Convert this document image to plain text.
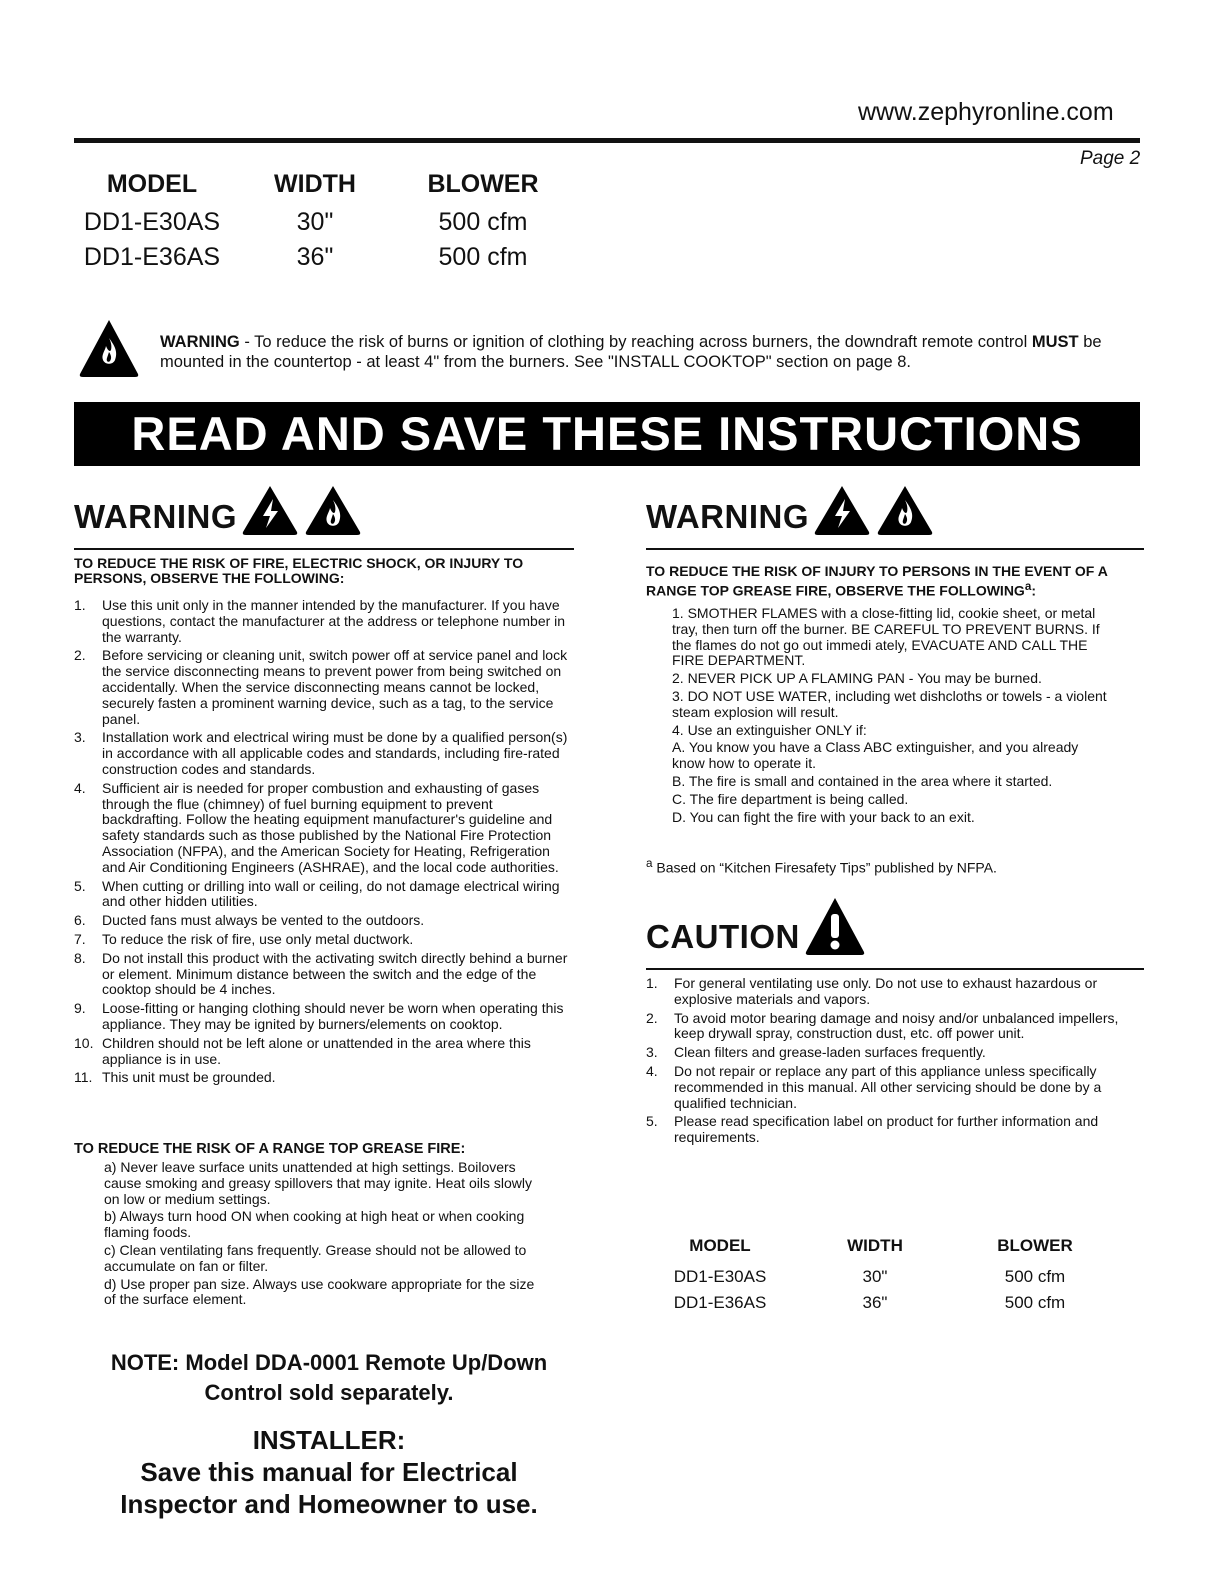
www.zephyronline.com
Page 2
MODEL	WIDTH	BLOWER
DD1-E30AS	30"	500 cfm
DD1-E36AS	36"	500 cfm
WARNING - To reduce the risk of burns or ignition of clothing by reaching across burners, the downdraft remote control MUST be mounted in the countertop - at least 4" from the burners. See "INSTALL COOKTOP" section on page 8.
READ AND SAVE THESE INSTRUCTIONS
WARNING
TO REDUCE THE RISK OF FIRE, ELECTRIC SHOCK, OR INJURY TO PERSONS, OBSERVE THE FOLLOWING:
1. Use this unit only in the manner intended by the manufacturer. If you have questions, contact the manufacturer at the address or telephone number in the warranty.
2. Before servicing or cleaning unit, switch power off at service panel and lock the service disconnecting means to prevent power from being switched on accidentally. When the service disconnecting means cannot be locked, securely fasten a prominent warning device, such as a tag, to the service panel.
3. Installation work and electrical wiring must be done by a qualified person(s) in accordance with all applicable codes and standards, including fire-rated construction codes and standards.
4. Sufficient air is needed for proper combustion and exhausting of gases through the flue (chimney) of fuel burning equipment to prevent backdrafting. Follow the heating equipment manufacturer's guideline and safety standards such as those published by the National Fire Protection Association (NFPA), and the American Society for Heating, Refrigeration and Air Conditioning Engineers (ASHRAE), and the local code authorities.
5. When cutting or drilling into wall or ceiling, do not damage electrical wiring and other hidden utilities.
6. Ducted fans must always be vented to the outdoors.
7. To reduce the risk of fire, use only metal ductwork.
8. Do not install this product with the activating switch directly behind a burner or element. Minimum distance between the switch and the edge of the cooktop should be 4 inches.
9. Loose-fitting or hanging clothing should never be worn when operating this appliance. They may be ignited by burners/elements on cooktop.
10. Children should not be left alone or unattended in the area where this appliance is in use.
11. This unit must be grounded.
TO REDUCE THE RISK OF A RANGE TOP GREASE FIRE:
a) Never leave surface units unattended at high settings. Boilovers cause smoking and greasy spillovers that may ignite. Heat oils slowly on low or medium settings.
b) Always turn hood ON when cooking at high heat or when cooking flaming foods.
c) Clean ventilating fans frequently. Grease should not be allowed to accumulate on fan or filter.
d) Use proper pan size. Always use cookware appropriate for the size of the surface element.
NOTE: Model DDA-0001 Remote Up/Down
Control sold separately.
INSTALLER:
Save this manual for Electrical
Inspector and Homeowner to use.
WARNING
TO REDUCE THE RISK OF INJURY TO PERSONS IN THE EVENT OF A RANGE TOP GREASE FIRE, OBSERVE THE FOLLOWING$^a$:
1. SMOTHER FLAMES with a close-fitting lid, cookie sheet, or metal tray, then turn off the burner. BE CAREFUL TO PREVENT BURNS. If the flames do not go out immedi ately, EVACUATE AND CALL THE FIRE DEPARTMENT.
2. NEVER PICK UP A FLAMING PAN - You may be burned.
3. DO NOT USE WATER, including wet dishcloths or towels - a violent steam explosion will result.
4. Use an extinguisher ONLY if:
A. You know you have a Class ABC extinguisher, and you already know how to operate it.
B. The fire is small and contained in the area where it started.
C. The fire department is being called.
D. You can fight the fire with your back to an exit.
$^a$ Based on “Kitchen Firesafety Tips” published by NFPA.
CAUTION
1. For general ventilating use only. Do not use to exhaust hazardous or explosive materials and vapors.
2. To avoid motor bearing damage and noisy and/or unbalanced impellers, keep drywall spray, construction dust, etc. off power unit.
3. Clean filters and grease-laden surfaces frequently.
4. Do not repair or replace any part of this appliance unless specifically recommended in this manual. All other servicing should be done by a qualified technician.
5. Please read specification label on product for further information and requirements.
MODEL	WIDTH	BLOWER
DD1-E30AS	30"	500 cfm
DD1-E36AS	36"	500 cfm
